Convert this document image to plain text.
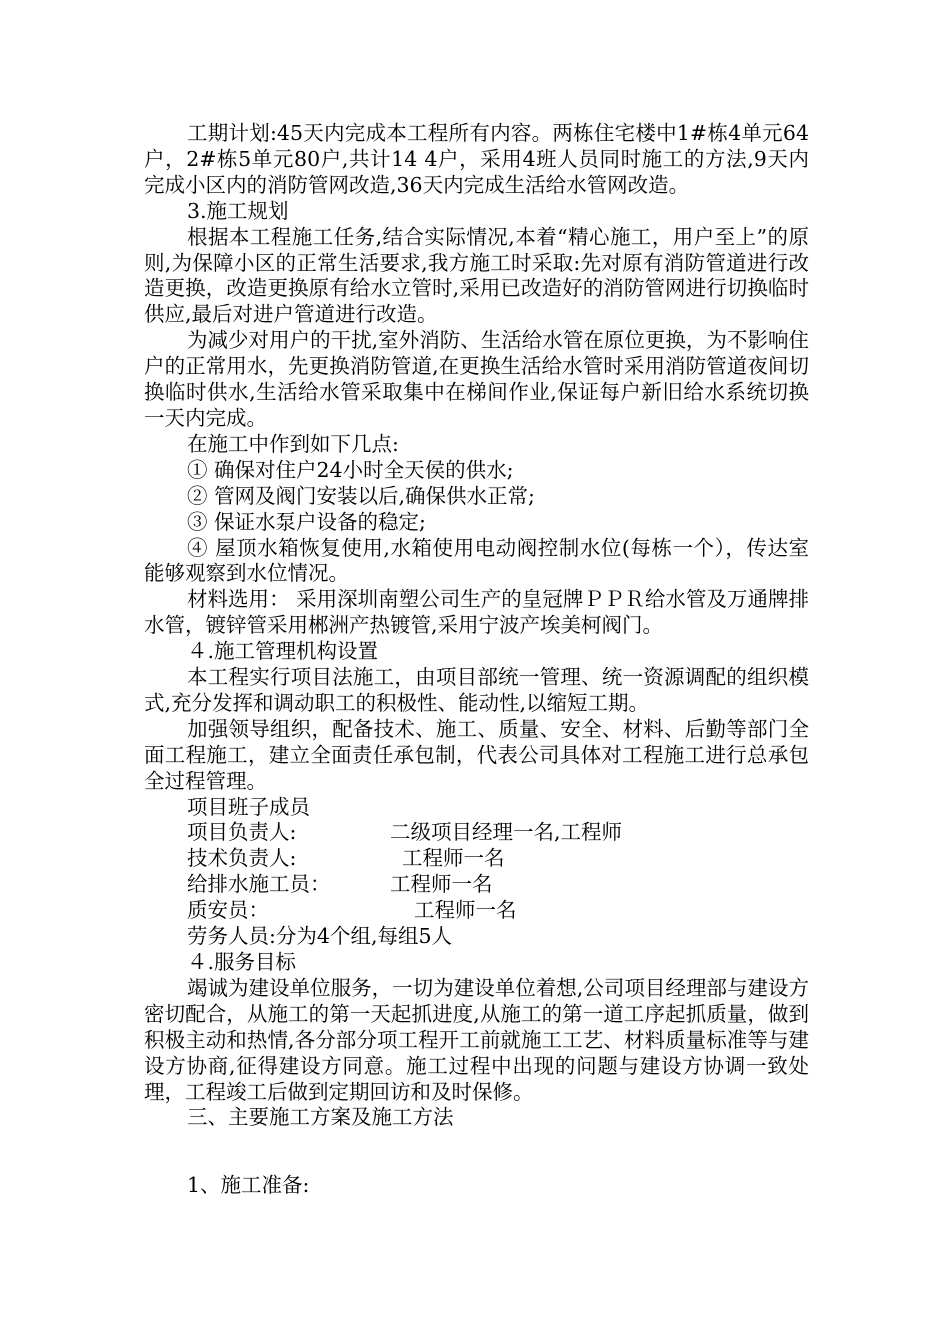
工期计划:45天内完成本工程所有内容。两栋住宅楼中1#栋4单元64户，2#栋5单元80户,共计14 4户，采用4班人员同时施工的方法,9天内完成小区内的消防管网改造,36天内完成生活给水管网改造。

3.施工规划

根据本工程施工任务,结合实际情况,本着“精心施工，用户至上”的原则,为保障小区的正常生活要求,我方施工时采取:先对原有消防管道进行改造更换，改造更换原有给水立管时,采用已改造好的消防管网进行切换临时供应,最后对进户管道进行改造。

为减少对用户的干扰,室外消防、生活给水管在原位更换，为不影响住户的正常用水，先更换消防管道,在更换生活给水管时采用消防管道夜间切换临时供水,生活给水管采取集中在梯间作业,保证每户新旧给水系统切换一天内完成。

在施工中作到如下几点:

① 确保对住户24小时全天侯的供水;

② 管网及阀门安装以后,确保供水正常;

③ 保证水泵户设备的稳定;

④ 屋顶水箱恢复使用,水箱使用电动阀控制水位(每栋一个），传达室能够观察到水位情况。

材料选用： 采用深圳南塑公司生产的皇冠牌ＰＰＲ给水管及万通牌排水管，镀锌管采用郴洲产热镀管,采用宁波产埃美柯阀门。

４.施工管理机构设置

本工程实行项目法施工，由项目部统一管理、统一资源调配的组织模式,充分发挥和调动职工的积极性、能动性,以缩短工期。

加强领导组织，配备技术、施工、质量、安全、材料、后勤等部门全面工程施工，建立全面责任承包制，代表公司具体对工程施工进行总承包全过程管理。

项目班子成员

项目负责人:	二级项目经理一名,工程师
技术负责人:	工程师一名
给排水施工员：	工程师一名
质安员：	工程师一名

劳务人员:分为4个组,每组5人

４.服务目标

竭诚为建设单位服务，一切为建设单位着想,公司项目经理部与建设方密切配合，从施工的第一天起抓进度,从施工的第一道工序起抓质量，做到积极主动和热情,各分部分项工程开工前就施工工艺、材料质量标准等与建设方协商,征得建设方同意。施工过程中出现的问题与建设方协调一致处理，工程竣工后做到定期回访和及时保修。

三、主要施工方案及施工方法

1、施工准备:
